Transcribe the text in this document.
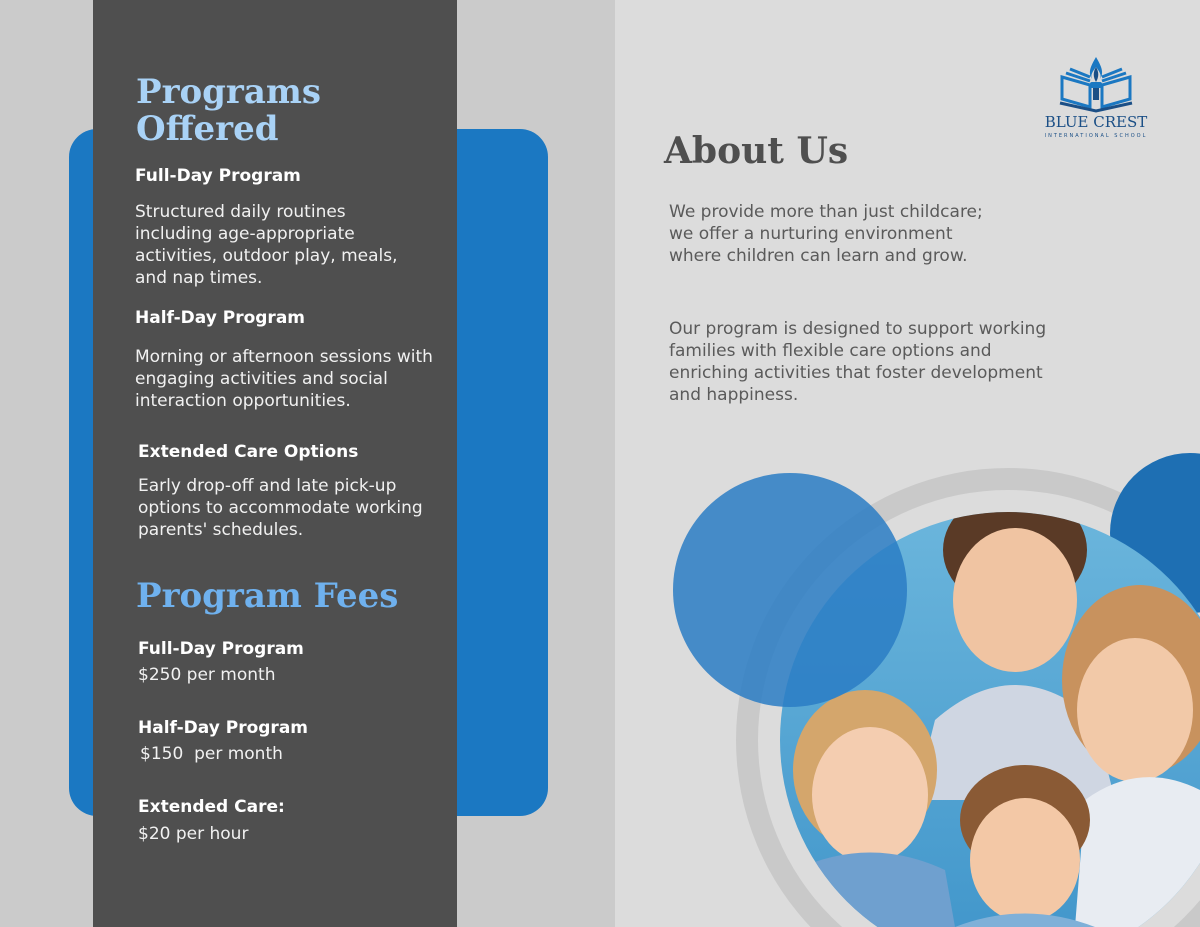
Programs Offered
Full-Day Program

Structured daily routines including age-appropriate activities, outdoor play, meals, and nap times.

Half-Day Program

Morning or afternoon sessions with engaging activities and social interaction opportunities.

Extended Care Options

Early drop-off and late pick-up options to accommodate working parents' schedules.

Program Fees
Full-Day Program

$250 per month

Half-Day Program

$150  per month

Extended Care:

$20 per hour

BLUE CREST
INTERNATIONAL SCHOOL
About Us

We provide more than just childcare; we offer a nurturing environment where children can learn and grow.

Our program is designed to support working families with flexible care options and enriching activities that foster development and happiness.
